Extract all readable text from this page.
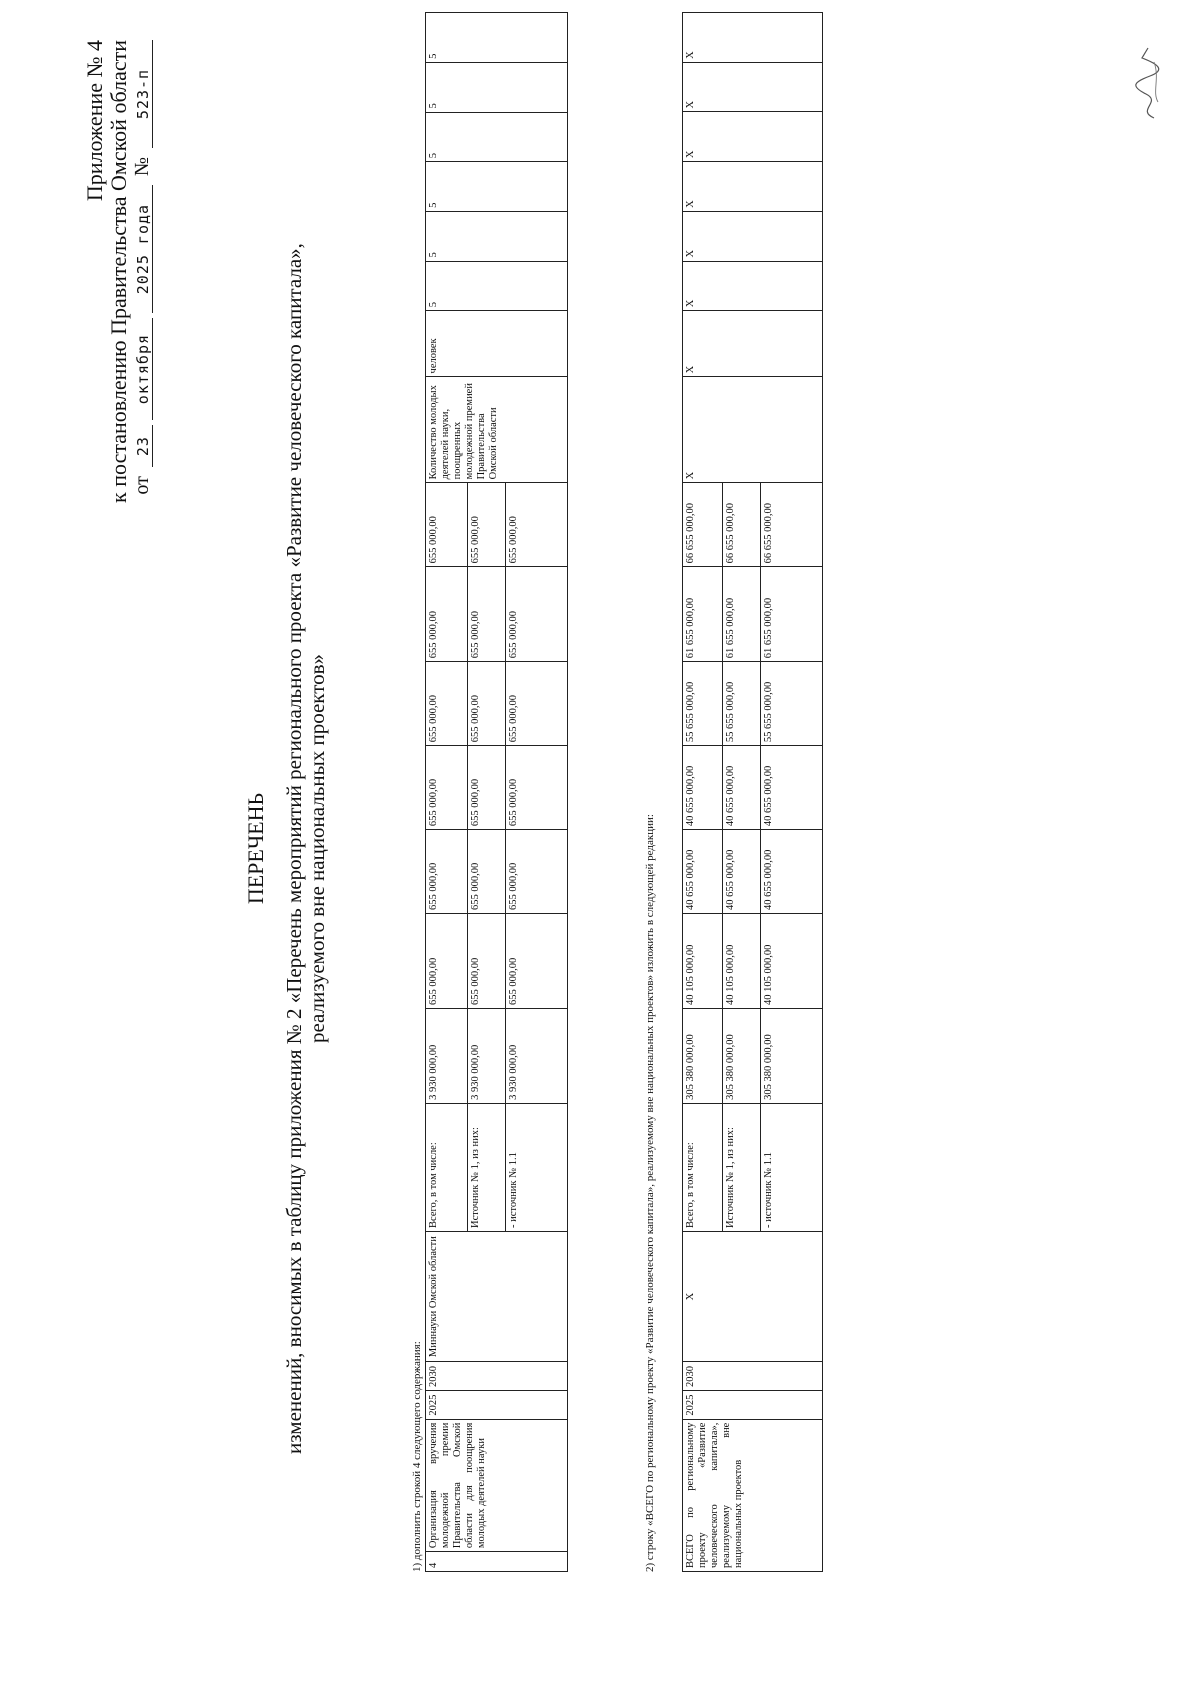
Приложение № 4 к постановлению Правительства Омской области от 23 октября 2025 года № 523-п
ПЕРЕЧЕНЬ изменений, вносимых в таблицу приложения № 2 «Перечень мероприятий регионального проекта «Развитие человеческого капитала», реализуемого вне национальных проектов»
1) дополнить строкой 4 следующего содержания: 4	Организация вручения молодежной премии Правительства Омской области для поощрения молодых деятелей науки	2025	2030	Миннауки Омской области	Всего, в том числе:	3 930 000,00	655 000,00	655 000,00	655 000,00	655 000,00	655 000,00	655 000,00	Количество молодых деятелей науки, поощренных молодежной премией Правительства Омской области	человек	5	5	5	5	5	5
					Источник № 1, из них:	3 930 000,00	655 000,00	655 000,00	655 000,00	655 000,00	655 000,00	655 000,00								
					- источник № 1.1	3 930 000,00	655 000,00	655 000,00	655 000,00	655 000,00	655 000,00	655 000,00								
2) строку «ВСЕГО по региональному проекту «Развитие человеческого капитала», реализуемому вне национальных проектов» изложить в следующей редакции:	ВСЕГО по региональному проекту «Развитие человеческого капитала», реализуемому вне национальных проектов	2025	2030	Х	Всего, в том числе:	305 380 000,00	40 105 000,00	40 655 000,00	40 655 000,00	55 655 000,00	61 655 000,00	66 655 000,00	Х	Х	Х	Х	Х	Х	Х	Х
				Источник № 1, из них:	305 380 000,00	40 105 000,00	40 655 000,00	40 655 000,00	55 655 000,00	61 655 000,00	66 655 000,00								
				- источник № 1.1	305 380 000,00	40 105 000,00	40 655 000,00	40 655 000,00	55 655 000,00	61 655 000,00	66 655 000,00								
